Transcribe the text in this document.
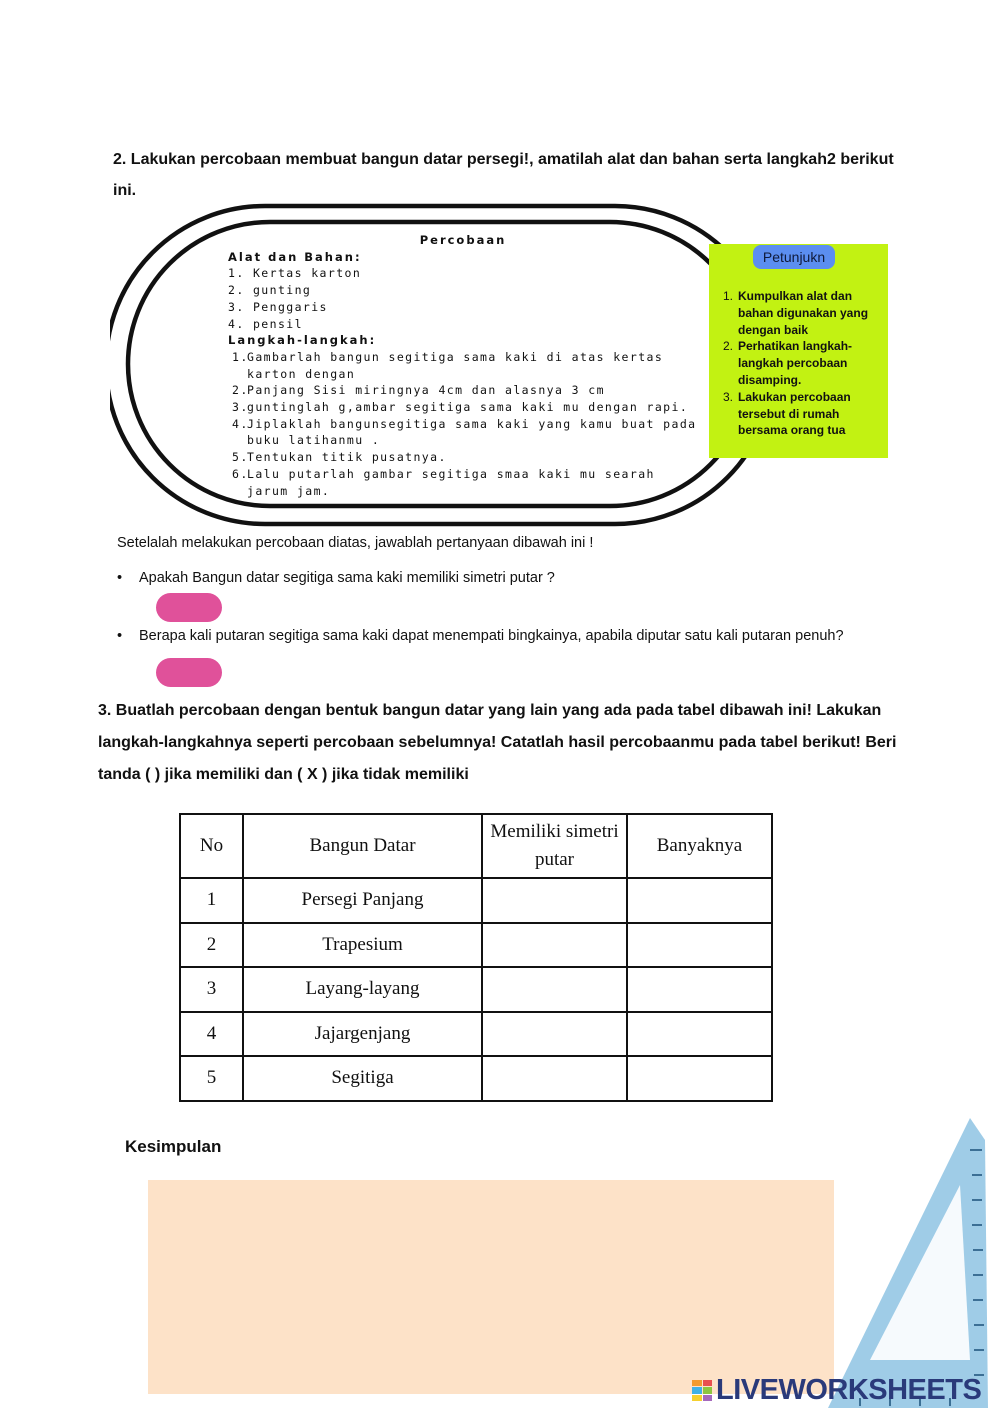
2. Lakukan percobaan membuat bangun datar persegi!, amatilah alat dan bahan serta langkah2 berikut ini.
Percobaan
Alat dan Bahan:
1. Kertas karton
2. gunting
3. Penggaris
4. pensil
Langkah-langkah:
1.
Gambarlah bangun segitiga sama kaki di atas kertas karton dengan
2.
Panjang Sisi miringnya 4cm dan alasnya 3 cm
3.
guntinglah g,ambar segitiga sama kaki mu dengan rapi.
4.
Jiplaklah bangunsegitiga sama kaki yang kamu buat pada buku latihanmu .
5.
Tentukan titik pusatnya.
6.
Lalu putarlah gambar segitiga smaa kaki mu searah jarum jam.
Petunjukn
1. Kumpulkan alat dan bahan digunakan yang dengan baik
2. Perhatikan langkah-langkah percobaan disamping.
3. Lakukan percobaan tersebut di rumah bersama orang tua
Setelalah melakukan percobaan diatas, jawablah pertanyaan dibawah ini !
•	Apakah Bangun datar segitiga sama kaki memiliki simetri putar ?
•	Berapa kali putaran segitiga sama kaki dapat menempati bingkainya, apabila diputar satu kali putaran penuh?
3. Buatlah percobaan dengan bentuk bangun datar yang lain yang ada pada tabel dibawah ini! Lakukan langkah-langkahnya seperti percobaan sebelumnya! Catatlah hasil percobaanmu pada tabel berikut! Beri tanda ( ) jika memiliki dan ( X ) jika tidak memiliki
No	Bangun Datar	Memiliki simetri putar	Banyaknya
1	Persegi Panjang		
2	Trapesium		
3	Layang-layang		
4	Jajargenjang		
5	Segitiga		
Kesimpulan
LIVEWORKSHEETS
